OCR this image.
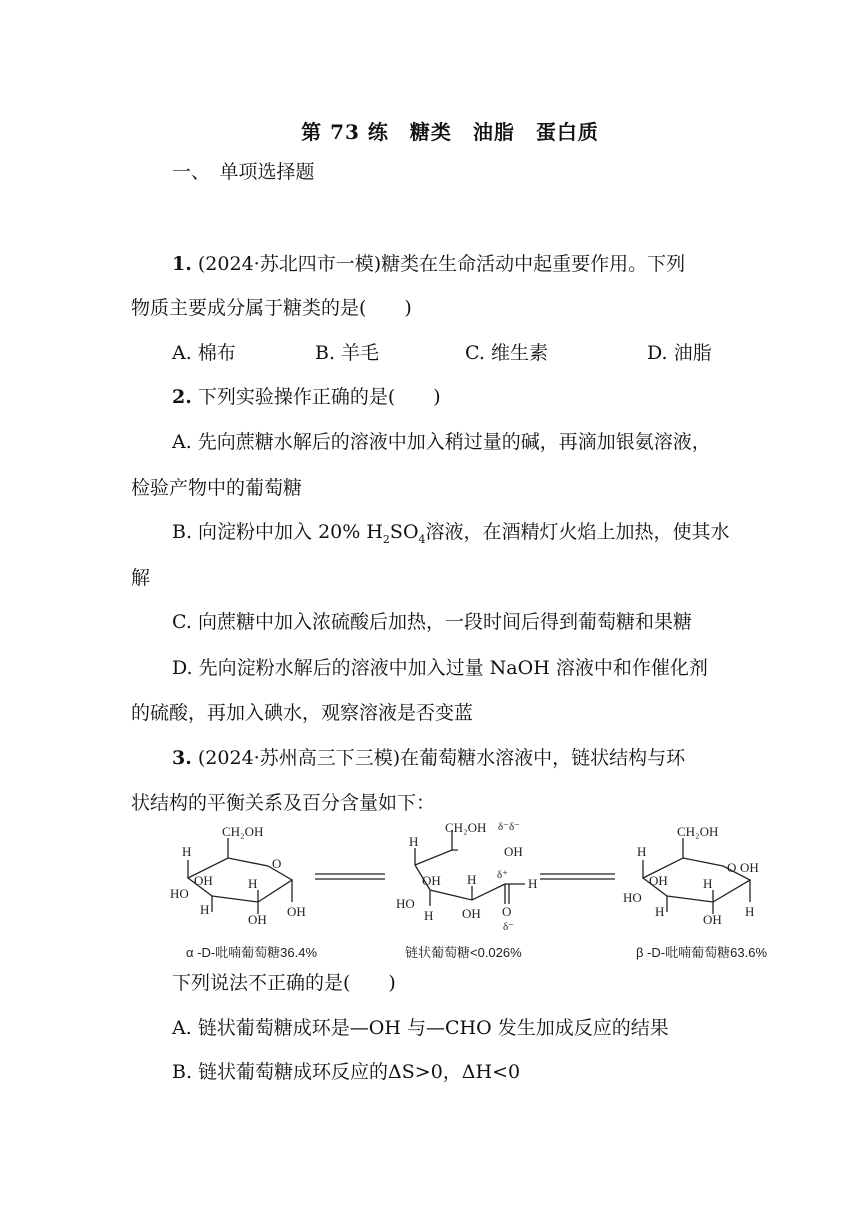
第 73 练　糖类　油脂　蛋白质
一、　单项选择题
1. (2024·苏北四市一模)糖类在生命活动中起重要作用。下列
物质主要成分属于糖类的是(　　)
A. 棉布	B. 羊毛	C. 维生素	D. 油脂
2. 下列实验操作正确的是(　　)
A. 先向蔗糖水解后的溶液中加入稍过量的碱，再滴加银氨溶液，
检验产物中的葡萄糖
B. 向淀粉中加入 20% $H_2SO_4$溶液，在酒精灯火焰上加热，使其水
解
C. 向蔗糖中加入浓硫酸后加热，一段时间后得到葡萄糖和果糖
D. 先向淀粉水解后的溶液中加入过量 NaOH 溶液中和作催化剂
的硫酸，再加入碘水，观察溶液是否变蓝
3. (2024·苏州高三下三模)在葡萄糖水溶液中，链状结构与环
状结构的平衡关系及百分含量如下：
CH₂OH
H
O
OH
HO
H
H
OH
OH
CH₂OH δ⁻δ⁻
OH
H
OH
HO
H
H
OH
δ⁺
H
O
δ⁻
CH₂OH
H
O OH
OH
HO
H
H
OH
H
α -D-吡喃葡萄糖36.4%	链状葡萄糖<0.026%	β -D-吡喃葡萄糖63.6%
下列说法不正确的是(　　)
A. 链状葡萄糖成环是—OH 与—CHO 发生加成反应的结果
B. 链状葡萄糖成环反应的ΔS>0，ΔH<0
